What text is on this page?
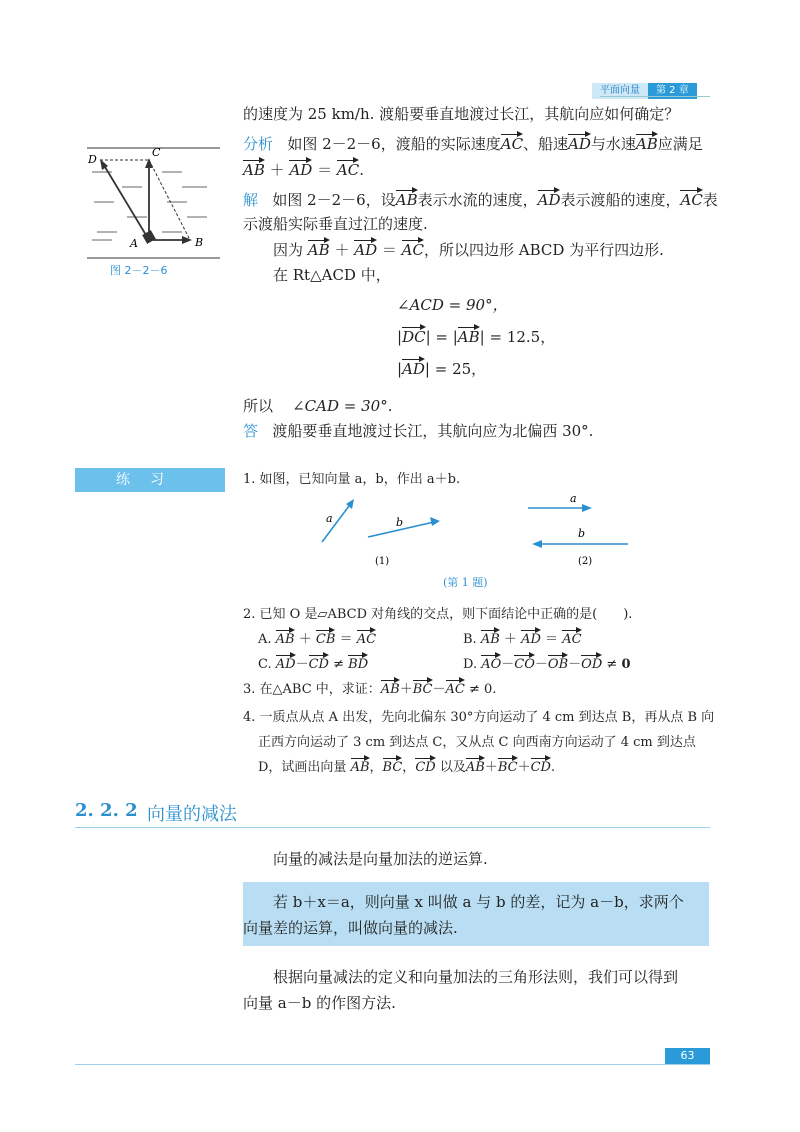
平面向量 第 2 章
D
C
A	B
图 2－2－6
的速度为 25 km/h. 渡船要垂直地渡过长江，其航向应如何确定？
分析 如图 2－2－6，渡船的实际速度AC、船速AD与水速AB应满足
AB ＋ AD ＝ AC.
解 如图 2－2－6，设AB表示水流的速度，AD表示渡船的速度，AC表
示渡船实际垂直过江的速度.
因为 AB ＋ AD ＝ AC，所以四边形 ABCD 为平行四边形.
在 Rt△ACD 中，
∠ACD = 90°，
|DC| = |AB| = 12.5，
|AD| = 25，
所以 ∠CAD = 30°.
答 渡船要垂直地渡过长江，其航向应为北偏西 30°.
练习	1. 如图，已知向量 a，b，作出 a＋b.
a	b
a
b
(1)	(2)
(第 1 题)
2. 已知 O 是▱ABCD 对角线的交点，则下面结论中正确的是(　　).
A. AB ＋ CB ＝ AC	B. AB ＋ AD ＝ AC
C. AD－CD ≠ BD	D. AO－CO－OB－OD ≠ 0
3. 在△ABC 中，求证：AB＋BC－AC ≠ 0.
4. 一质点从点 A 出发，先向北偏东 30°方向运动了 4 cm 到达点 B，再从点 B 向
正西方向运动了 3 cm 到达点 C，又从点 C 向西南方向运动了 4 cm 到达点
D，试画出向量 AB，BC，CD 以及AB＋BC＋CD.
2. 2. 2 向量的减法
向量的减法是向量加法的逆运算.
若 b＋x＝a，则向量 x 叫做 a 与 b 的差，记为 a－b，求两个
向量差的运算，叫做向量的减法.
根据向量减法的定义和向量加法的三角形法则，我们可以得到
向量 a－b 的作图方法.
63
